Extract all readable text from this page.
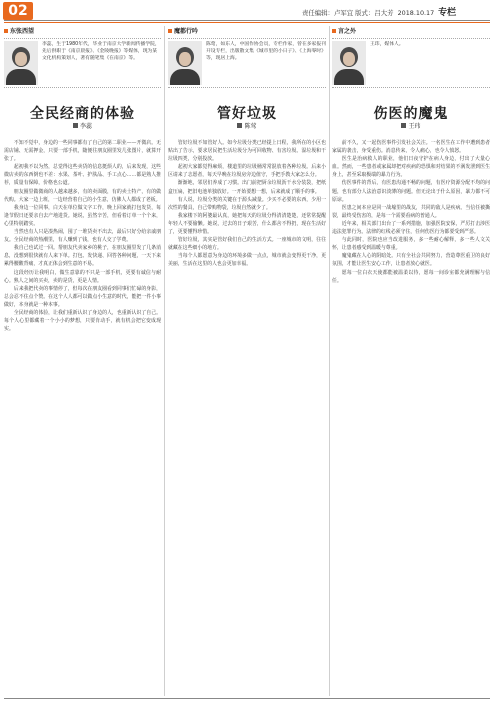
02	责任编辑：卢军宜 版式：吕大芳 2018.10.17 专栏
东张西望
李蕊，生于1980年代，毕业于南京大学新闻传播学院，先后供职于《南京晨报》、《金陵晚报》等媒体，现为某文化机构策划人，著有随笔集《在南京》等。
全民经商的体验
李蕊

不知不觉中，身边的一些同事都有了自己的第二职业——开微店。无需店铺、无需押金，只要一部手机，随便往朋友圈里发几张图片，就算开张了。

起初我不以为然，总觉得这些卖货的信息挺烦人的，后来发现，这些微店卖的东西倒也不差：水果、茶叶、护肤品、手工点心……都是熟人推荐，质量有保障，价格也公道。

朋友圈里做微商的人越来越多，有的卖面膜，有的卖土特产，有的做代购。大家一边上班，一边经营着自己的小生意，仿佛人人都成了老板。

我身边一位同事，白天在单位做文字工作，晚上回家就打包发货，每逢节假日还要亲自去产地进货。她说，虽然辛苦，但看着订单一个个来，心里特别踏实。

当然也有人只是凑热闹，囤了一堆货卖不出去，最后只好分给亲戚朋友。全民经商的热潮里，有人赚到了钱，也有人交了学费。

我自己也试过一回。帮朋友代卖家乡的桃子，在朋友圈里发了几条消息，没想到很快就有人来下单。打包、发快递、回答各种问题，一天下来累得腰酸背痛，才真正体会到生意的不易。

这段经历让我明白，做生意靠的不只是一部手机，更要有诚信与耐心。熟人之间的买卖，卖的是货，更是人情。

后来我把代卖的事情停了，但每次在朋友圈看到同事们忙碌的身影，总会忍不住点个赞。在这个人人都可以做点小生意的时代，能把一件小事做好，本身就是一种本事。

全民经商的体验，让我们重新认识了身边的人，也重新认识了自己。每个人心里都藏着一个小小的梦想，只要肯动手，就有机会把它变成现实。

魔都行吟
陈莺，如东人，中国作协会员，专栏作家，曾在多家报刊开设专栏，出版散文集《城市里的小日子》、《上海零时》等，现居上海。
管好垃圾
陈莺

管好垃圾不如管好人。如今垃圾分类已经提上日程，我所在的小区也贴出了告示，要求居民把生活垃圾分为可回收物、有害垃圾、湿垃圾和干垃圾四类，分别投放。

起初大家都觉得麻烦，楼道里的垃圾桶常常混放着各种垃圾。后来小区请来了志愿者，每天早晚在垃圾房旁边值守，手把手教大家怎么分。

渐渐地，邻居们养成了习惯。出门前把厨余垃圾沥干水分装袋，把纸盒压扁，把旧电池单独放好。一开始要想一想，后来就成了顺手的事。

有人说，垃圾分类的关键在于源头减量。少买不必要的东西，少用一次性的餐具，自己带购物袋，垃圾自然就少了。

我家楼下的阿婆最认真，她把每天的垃圾分得清清楚楚，还常常提醒年轻人不要偷懒。她说，过去的日子艰苦，什么都舍不得扔，现在生活好了，更要懂得珍惜。

管好垃圾，其实是管好我们自己的生活方式。一座城市的文明，往往就藏在这些细小的地方。

当每个人都愿意为身边的环境多做一点点，城市就会变得更干净，更美丽，生活在这里的人也会更加幸福。

言之外
王玮，媒体人。
伤医的魔鬼
王玮

前不久，又一起伤医事件引发社会关注。一名医生在工作中遭到患者家属的袭击，身受重伤。消息传来，令人痛心，也令人愤怒。

医生是治病救人的职业，他们日夜守护在病人身边，付出了大量心血。然而，一些患者或家属却把对疾病的恐惧和对结果的不满发泄到医生身上，甚至采取极端的暴力行为。

伤医事件的背后，有医患沟通不畅的问题，有医疗资源分配不均的问题，也有部分人法治意识淡薄的问题。但无论出于什么原因，暴力都不可原谅。

医患之间本应是同一战壕里的战友，共同的敌人是疾病。当信任被撕裂，最终受伤害的，是每一个需要看病的普通人。

近年来，相关部门出台了一系列措施，加强医院安保，严厉打击涉医违法犯罪行为。法律的红线必须守住，任何伤医行为都要受到严惩。

与此同时，医院也应当改进服务，多一些耐心解释，多一些人文关怀，让患者感受到温暖与尊重。

魔鬼藏在人心的阴暗处。只有全社会共同努力，营造尊医重卫的良好氛围，才能让医生安心工作，让患者放心就医。

愿每一位白衣天使都能被温柔以待，愿每一间诊室都充满理解与信任。
